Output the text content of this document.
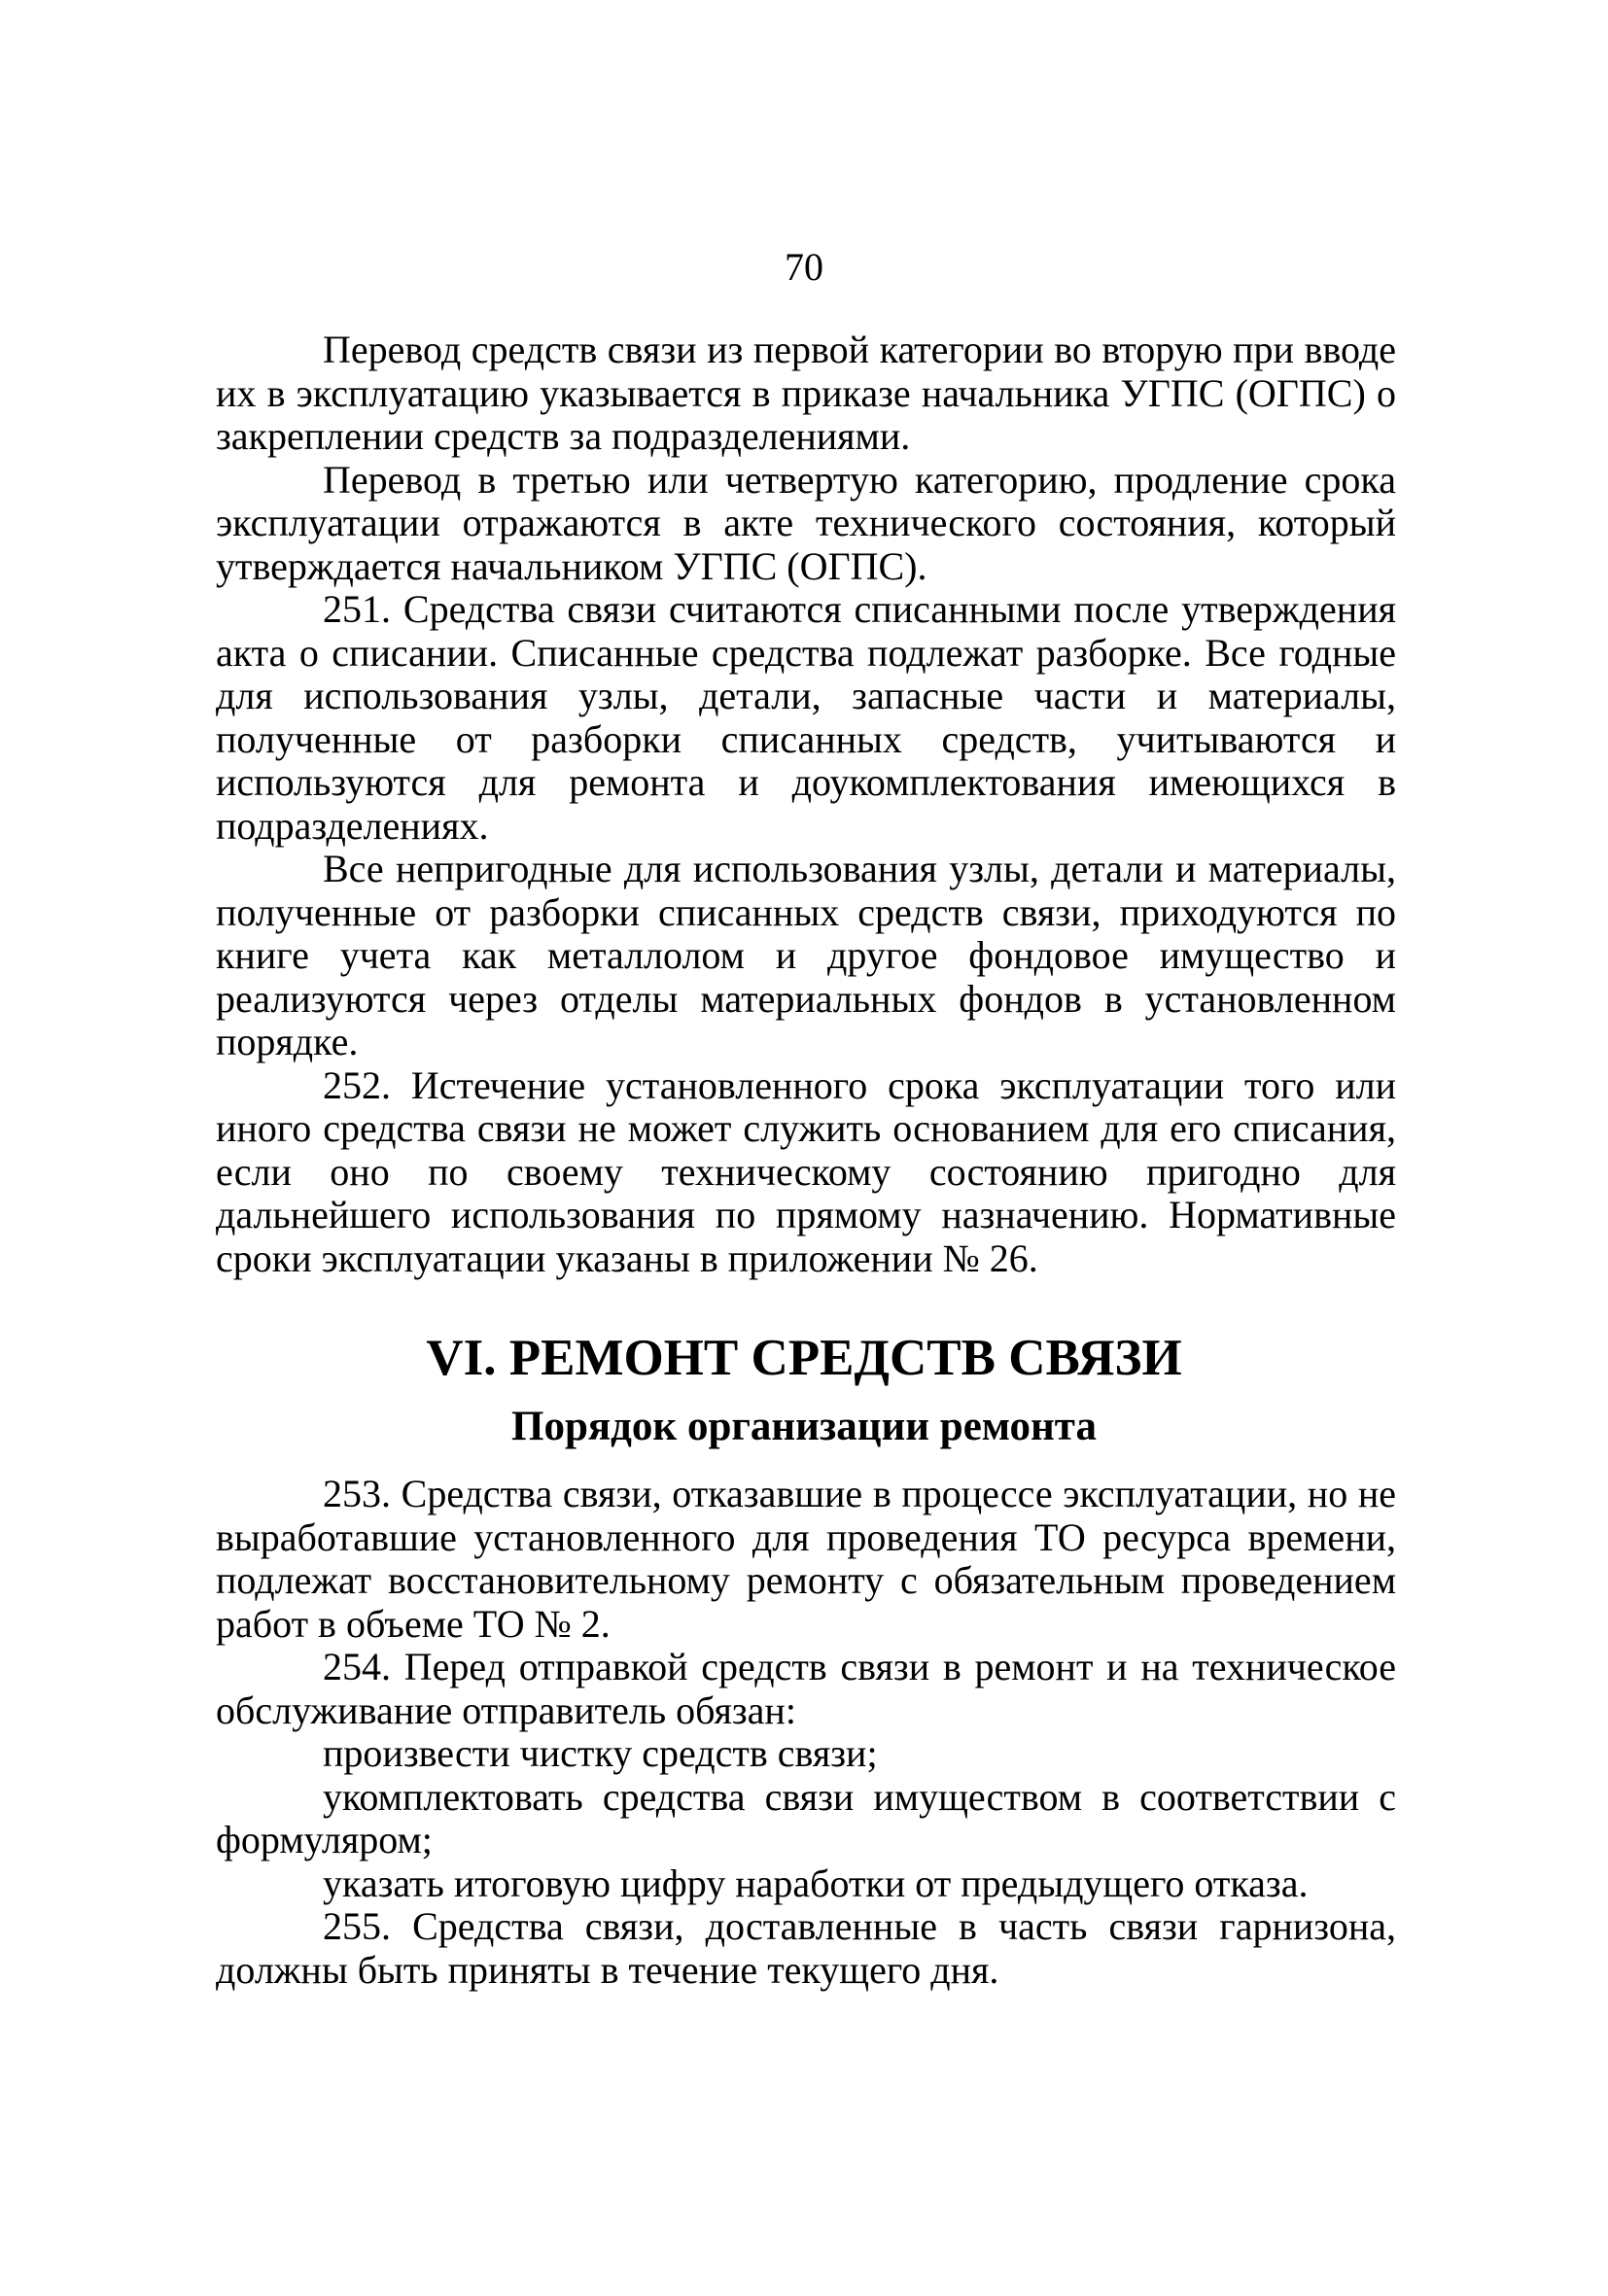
70

Перевод средств связи из первой категории во вторую при вводе их в эксплуатацию указывается в приказе начальника УГПС (ОГПС) о закреплении средств за подразделениями.

Перевод в третью или четвертую категорию, продление срока эксплуатации отражаются в акте технического состояния, который утверждается начальником УГПС (ОГПС).

251. Средства связи считаются списанными после утверждения акта о списании. Списанные средства подлежат разборке. Все годные для использования узлы, детали, запасные части и материалы, полученные от разборки списанных средств, учитываются и используются для ремонта и доукомплектования имеющихся в подразделениях.

Все непригодные для использования узлы, детали и материалы, полученные от разборки списанных средств связи, приходуются по книге учета как металлолом и другое фондовое имущество и реализуются через отделы материальных фондов в установленном порядке.

252. Истечение установленного срока эксплуатации того или иного средства связи не может служить основанием для его списания, если оно по своему техническому состоянию пригодно для дальнейшего использования по прямому назначению. Нормативные сроки эксплуатации указаны в приложении № 26.

VI. РЕМОНТ СРЕДСТВ СВЯЗИ
Порядок организации ремонта

253. Средства связи, отказавшие в процессе эксплуатации, но не выработавшие установленного для проведения ТО ресурса времени, подлежат восстановительному ремонту с обязательным проведением работ в объеме ТО № 2.

254. Перед отправкой средств связи в ремонт и на техническое обслуживание отправитель обязан:

произвести чистку средств связи;

укомплектовать средства связи имуществом в соответствии с формуляром;

указать итоговую цифру наработки от предыдущего отказа.

255. Средства связи, доставленные в часть связи гарнизона, должны быть приняты в течение текущего дня.
